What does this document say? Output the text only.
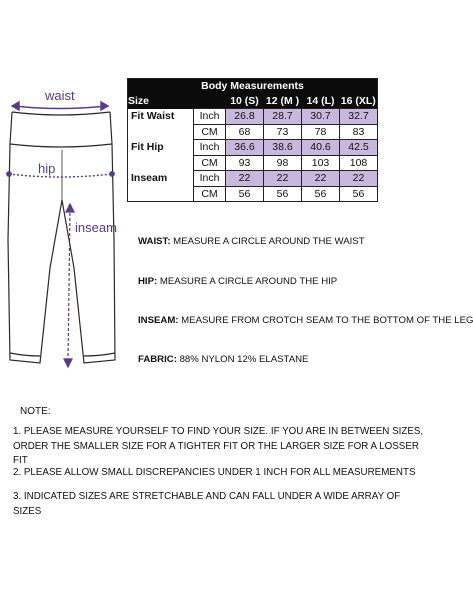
waist
hip
inseam
Body Measurements					
Size		10 (S)	12 (M )	14 (L)	16 (XL)
Fit Waist	Inch	26.8	28.7	30.7	32.7
	CM	68	73	78	83
Fit Hip	Inch	36.6	38.6	40.6	42.5
	CM	93	98	103	108
Inseam	Inch	22	22	22	22
	CM	56	56	56	56
WAIST: MEASURE A CIRCLE AROUND THE WAIST
HIP: MEASURE A CIRCLE AROUND THE HIP
INSEAM: MEASURE FROM CROTCH SEAM TO THE BOTTOM OF THE LEG
FABRIC: 88% NYLON 12% ELASTANE
NOTE:
1. PLEASE MEASURE YOURSELF TO FIND YOUR SIZE. IF YOU ARE IN BETWEEN SIZES, ORDER THE SMALLER SIZE FOR A TIGHTER FIT OR THE LARGER SIZE FOR A LOSSER FIT
2. PLEASE ALLOW SMALL DISCREPANCIES UNDER 1 INCH FOR ALL MEASUREMENTS
3. INDICATED SIZES ARE STRETCHABLE AND CAN FALL UNDER A WIDE ARRAY OF SIZES
